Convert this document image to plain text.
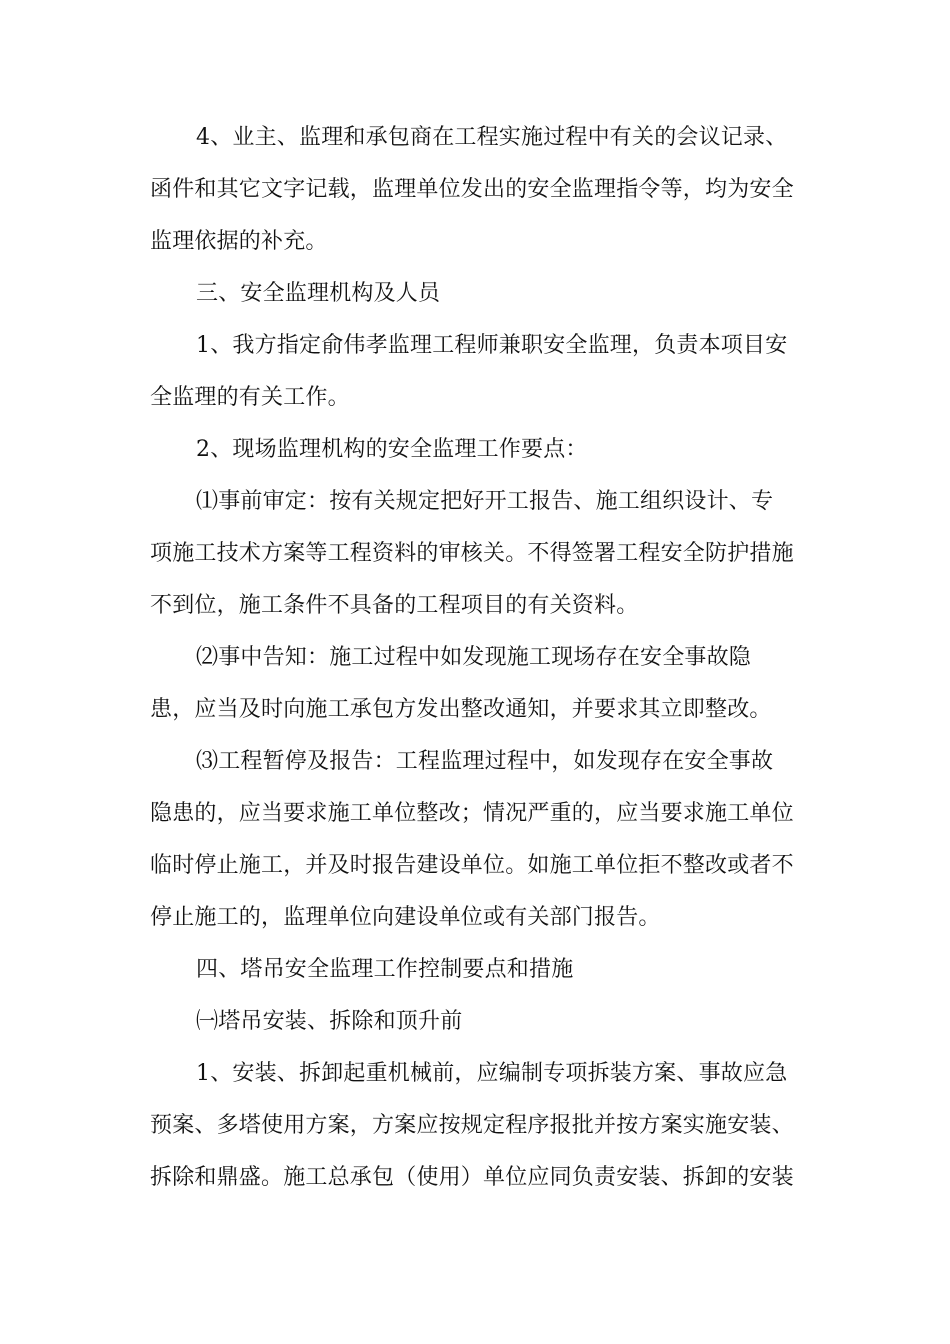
4、业主、监理和承包商在工程实施过程中有关的会议记录、
函件和其它文字记载，监理单位发出的安全监理指令等，均为安全
监理依据的补充。
三、安全监理机构及人员
1、我方指定俞伟孝监理工程师兼职安全监理，负责本项目安
全监理的有关工作。
2、现场监理机构的安全监理工作要点：
⑴事前审定：按有关规定把好开工报告、施工组织设计、专
项施工技术方案等工程资料的审核关。不得签署工程安全防护措施
不到位，施工条件不具备的工程项目的有关资料。
⑵事中告知：施工过程中如发现施工现场存在安全事故隐
患，应当及时向施工承包方发出整改通知，并要求其立即整改。
⑶工程暂停及报告：工程监理过程中，如发现存在安全事故
隐患的，应当要求施工单位整改；情况严重的，应当要求施工单位
临时停止施工，并及时报告建设单位。如施工单位拒不整改或者不
停止施工的，监理单位向建设单位或有关部门报告。
四、塔吊安全监理工作控制要点和措施
㈠塔吊安装、拆除和顶升前
1、安装、拆卸起重机械前，应编制专项拆装方案、事故应急
预案、多塔使用方案，方案应按规定程序报批并按方案实施安装、
拆除和鼎盛。施工总承包（使用）单位应同负责安装、拆卸的安装
